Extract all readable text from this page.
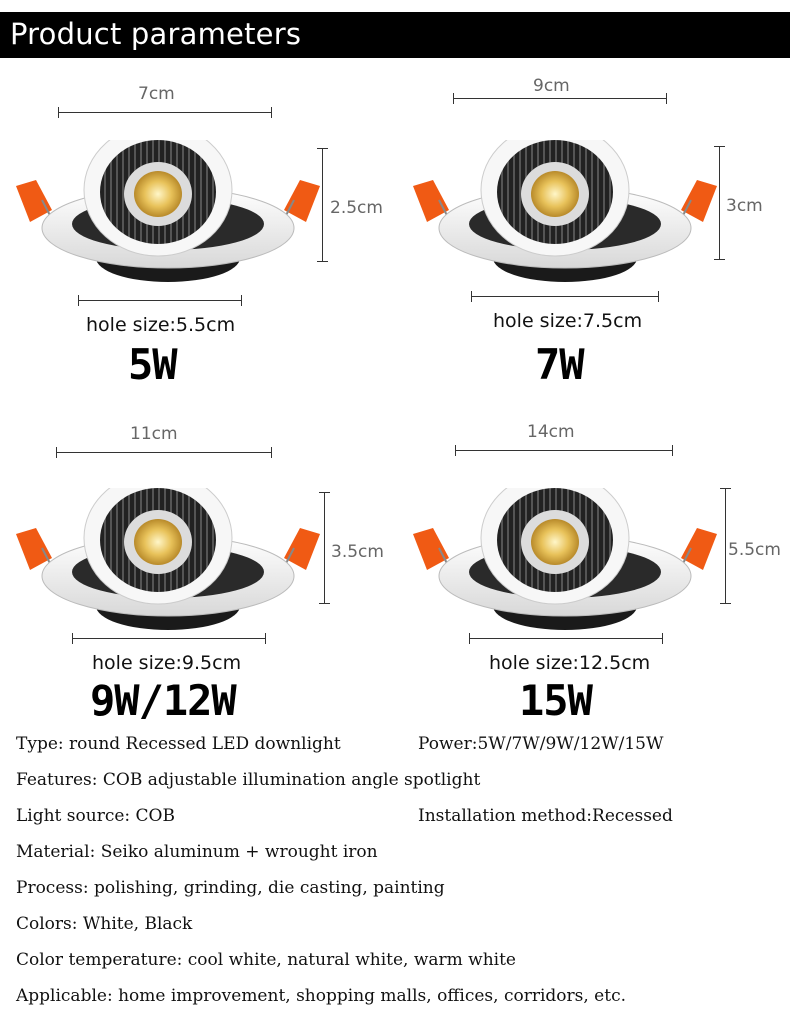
Product parameters
7cm
2.5cm
hole size:5.5cm
5W
9cm
3cm
hole size:7.5cm
7W
11cm
3.5cm
hole size:9.5cm
9W/12W
14cm
5.5cm
hole size:12.5cm
15W
Type: round Recessed LED downlight	Power:5W/7W/9W/12W/15W
Features: COB adjustable illumination angle spotlight
Light source: COB	Installation method:Recessed
Material: Seiko aluminum + wrought iron
Process: polishing, grinding, die casting, painting
Colors: White, Black
Color temperature: cool white, natural white, warm white
Applicable: home improvement, shopping malls, offices, corridors, etc.
